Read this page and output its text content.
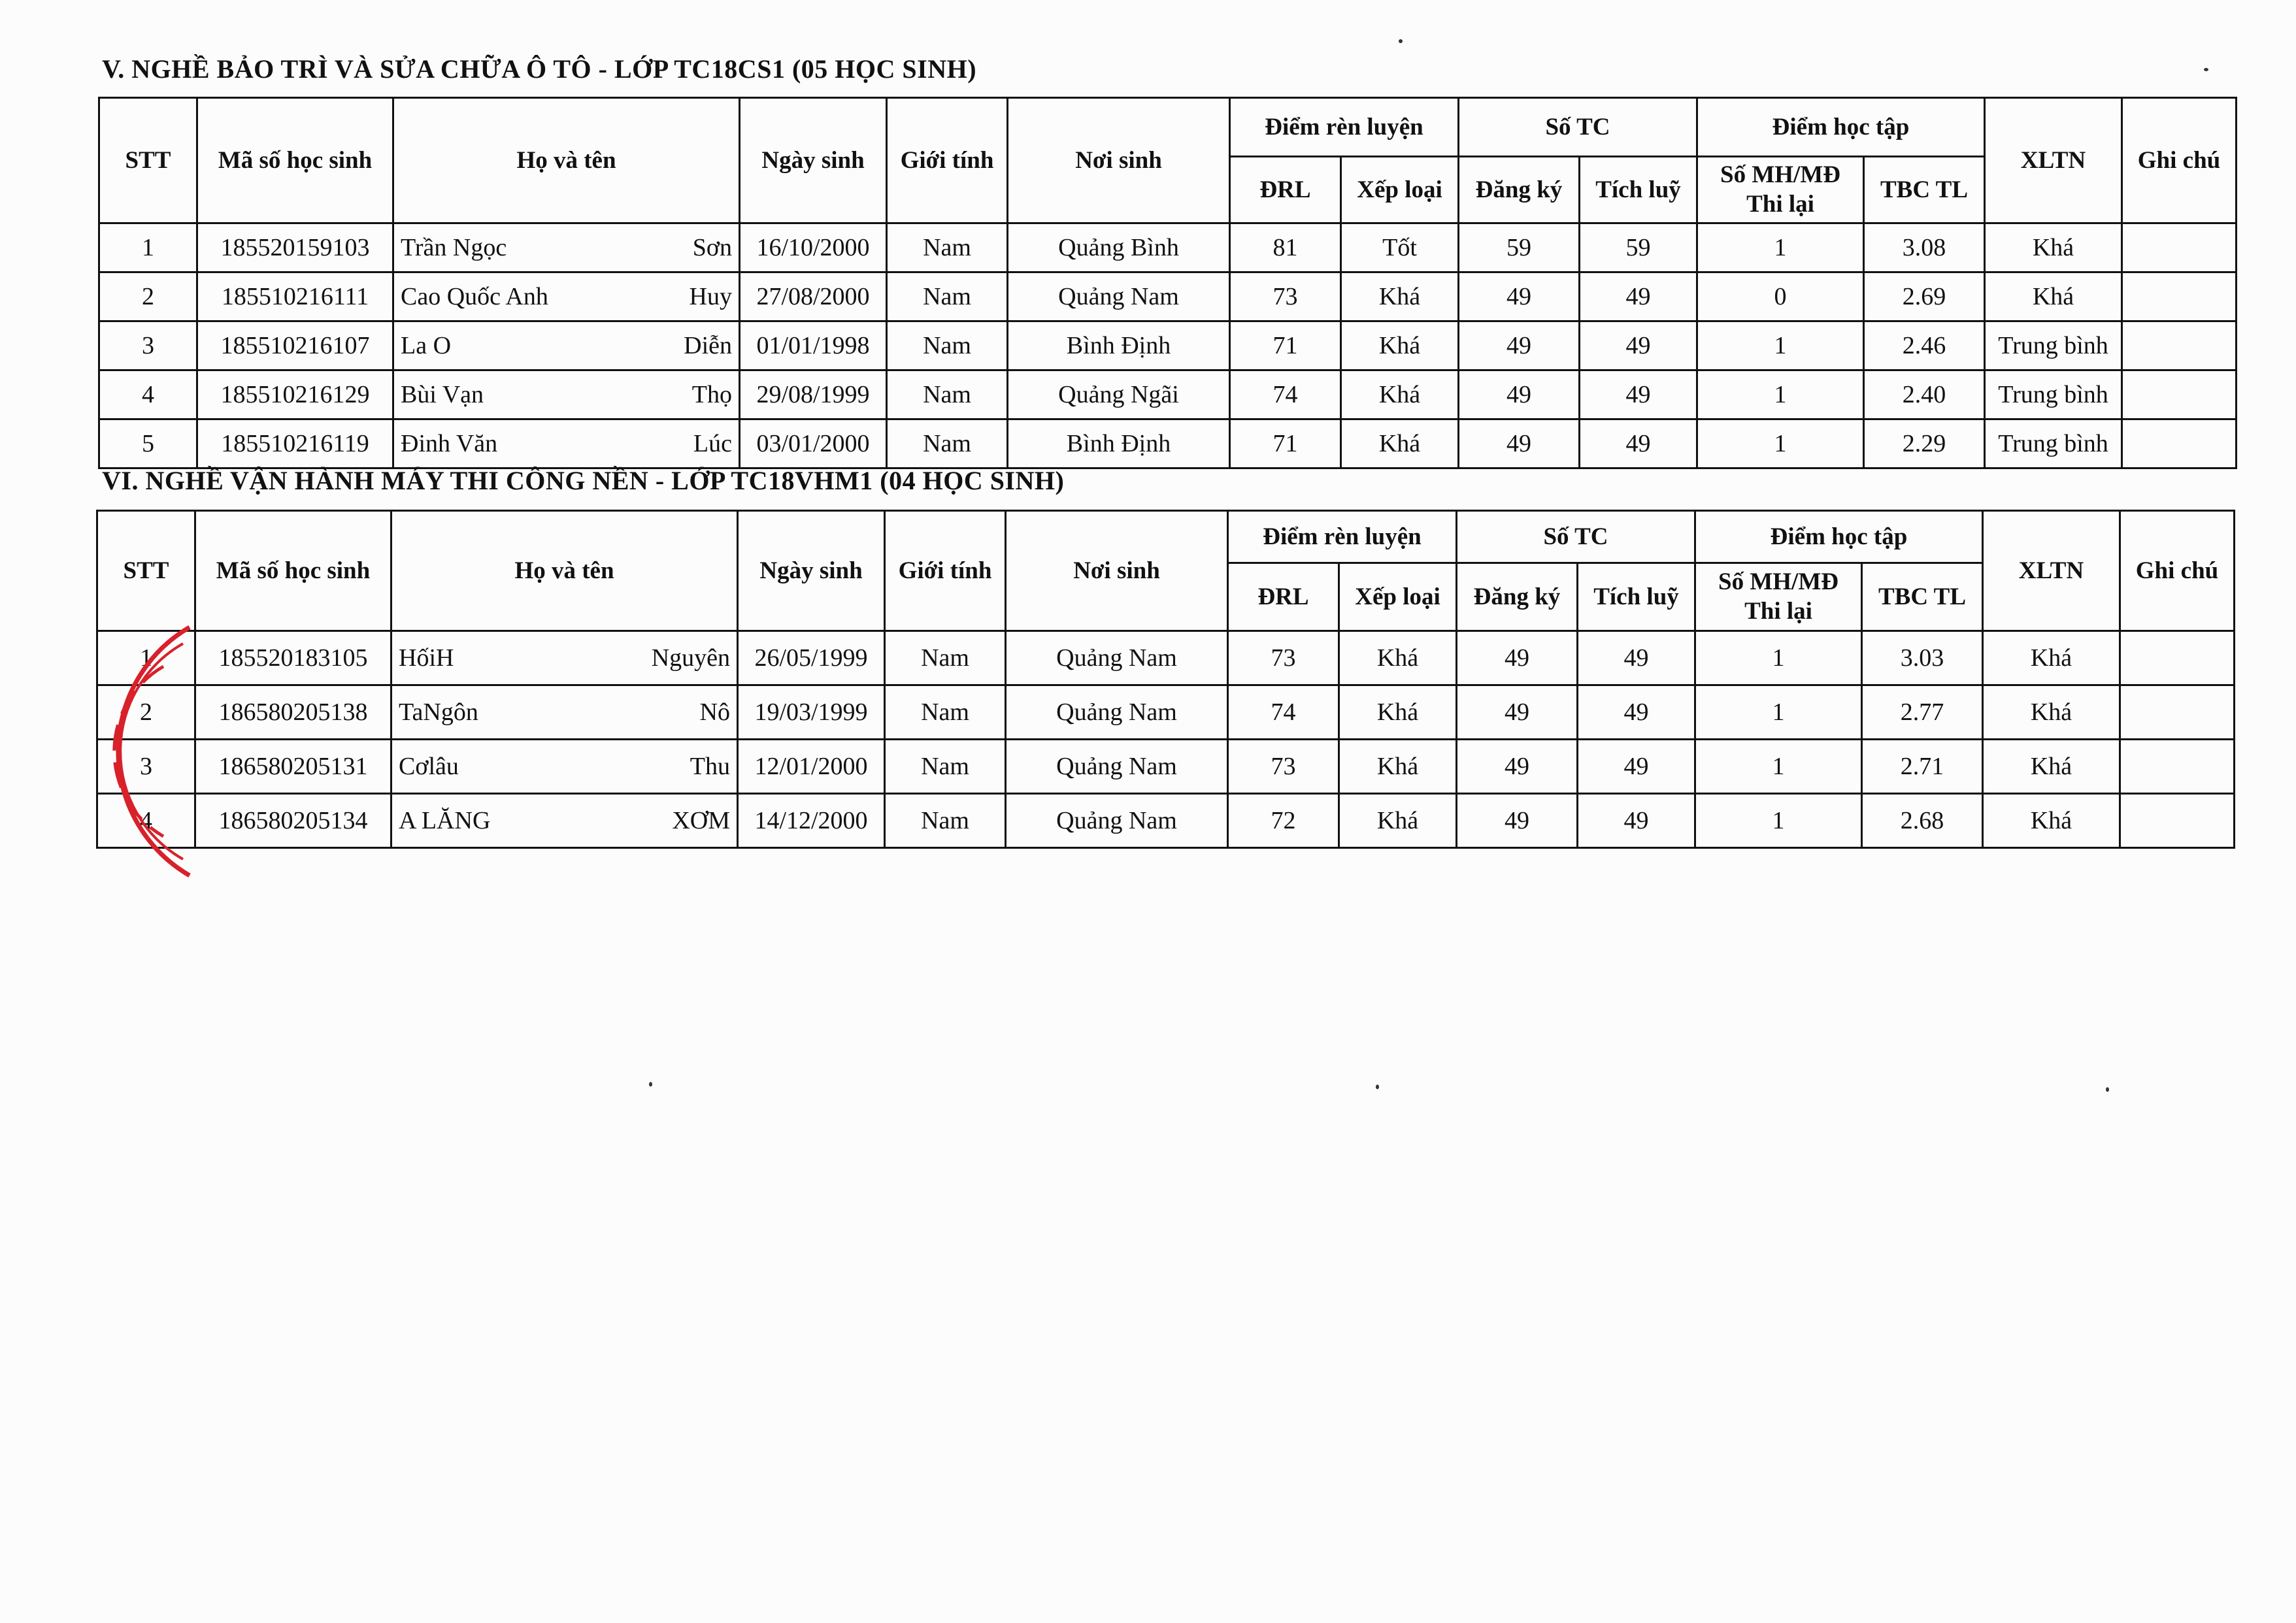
V. NGHỀ BẢO TRÌ VÀ SỬA CHỮA Ô TÔ - LỚP TC18CS1 (05 HỌC SINH)
STT	Mã số học sinh	Họ và tên	Ngày sinh	Giới tính	Nơi sinh	Điểm rèn luyện		Số TC		Điểm học tập		XLTN	Ghi chú
						ĐRL	Xếp loại	Đăng ký	Tích luỹ	Số MH/MĐ Thi lại	TBC TL		
1	185520159103	Trần Ngọc Sơn	16/10/2000	Nam	Quảng Bình	81	Tốt	59	59	1	3.08	Khá	
2	185510216111	Cao Quốc Anh Huy	27/08/2000	Nam	Quảng Nam	73	Khá	49	49	0	2.69	Khá	
3	185510216107	La O Diễn	01/01/1998	Nam	Bình Định	71	Khá	49	49	1	2.46	Trung bình	
4	185510216129	Bùi Vạn Thọ	29/08/1999	Nam	Quảng Ngãi	74	Khá	49	49	1	2.40	Trung bình	
5	185510216119	Đinh Văn Lúc	03/01/2000	Nam	Bình Định	71	Khá	49	49	1	2.29	Trung bình	
VI. NGHỀ VẬN HÀNH MÁY THI CÔNG NỀN - LỚP TC18VHM1 (04 HỌC SINH)
STT	Mã số học sinh	Họ và tên	Ngày sinh	Giới tính	Nơi sinh	Điểm rèn luyện		Số TC		Điểm học tập		XLTN	Ghi chú
						ĐRL	Xếp loại	Đăng ký	Tích luỹ	Số MH/MĐ Thi lại	TBC TL		
1	185520183105	HốiH Nguyên	26/05/1999	Nam	Quảng Nam	73	Khá	49	49	1	3.03	Khá	
2	186580205138	TaNgôn Nô	19/03/1999	Nam	Quảng Nam	74	Khá	49	49	1	2.77	Khá	
3	186580205131	Cơlâu Thu	12/01/2000	Nam	Quảng Nam	73	Khá	49	49	1	2.71	Khá	
4	186580205134	A LĂNG XƠM	14/12/2000	Nam	Quảng Nam	72	Khá	49	49	1	2.68	Khá	
